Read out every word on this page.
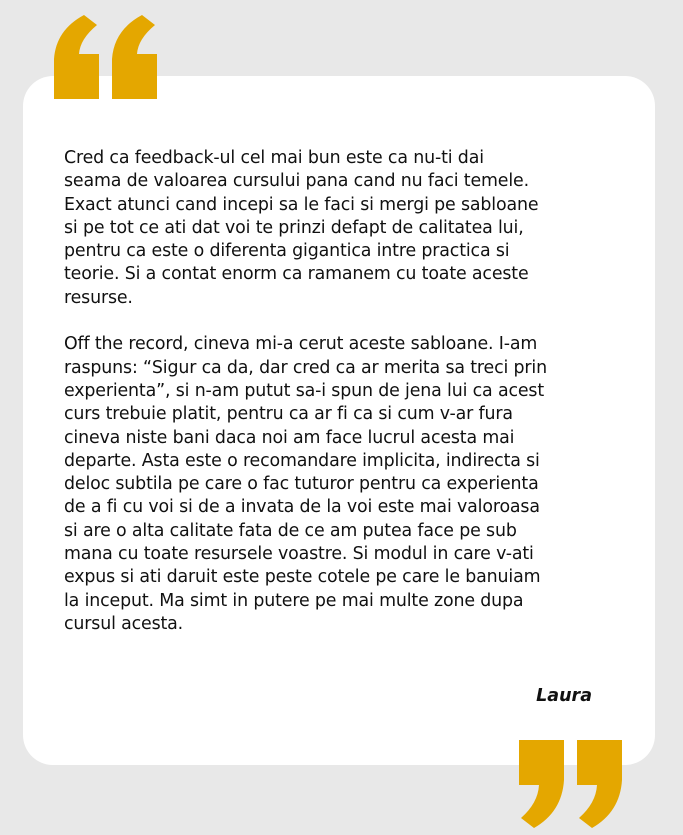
Cred ca feedback-ul cel mai bun este ca nu-ti dai

seama de valoarea cursului pana cand nu faci temele.

Exact atunci cand incepi sa le faci si mergi pe sabloane

si pe tot ce ati dat voi te prinzi defapt de calitatea lui,

pentru ca este o diferenta gigantica intre practica si

teorie. Si a contat enorm ca ramanem cu toate aceste

resurse.

Off the record, cineva mi-a cerut aceste sabloane. I-am

raspuns: “Sigur ca da, dar cred ca ar merita sa treci prin

experienta”, si n-am putut sa-i spun de jena lui ca acest

curs trebuie platit, pentru ca ar fi ca si cum v-ar fura

cineva niste bani daca noi am face lucrul acesta mai

departe. Asta este o recomandare implicita, indirecta si

deloc subtila pe care o fac tuturor pentru ca experienta

de a fi cu voi si de a invata de la voi este mai valoroasa

si are o alta calitate fata de ce am putea face pe sub

mana cu toate resursele voastre. Si modul in care v-ati

expus si ati daruit este peste cotele pe care le banuiam

la inceput. Ma simt in putere pe mai multe zone dupa

cursul acesta.

Laura
